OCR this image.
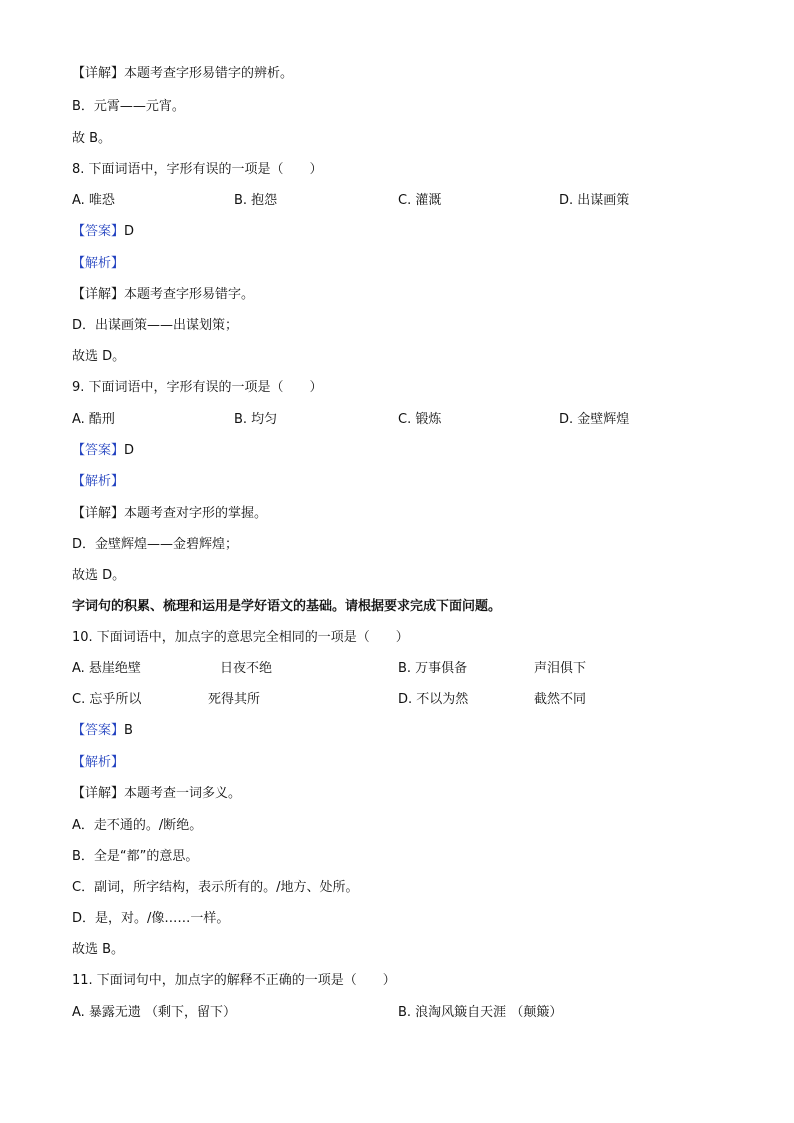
【详解】本题考查字形易错字的辨析。
B．元霄——元宵。
故 B。
8. 下面词语中，字形有误的一项是（　　）
A. 唯恐	B. 抱怨	C. 灌溉	D. 出谋画策
【答案】D
【解析】
【详解】本题考查字形易错字。
D．出谋画策——出谋划策；
故选 D。
9. 下面词语中，字形有误的一项是（　　）
A. 酷刑	B. 均匀	C. 锻炼	D. 金壁辉煌
【答案】D
【解析】
【详解】本题考查对字形的掌握。
D．金壁辉煌——金碧辉煌；
故选 D。
字词句的积累、梳理和运用是学好语文的基础。请根据要求完成下面问题。
10. 下面词语中，加点字的意思完全相同的一项是（　　）
A. 悬崖绝壁	日夜不绝	B. 万事俱备	声泪俱下
C. 忘乎所以	死得其所	D. 不以为然	截然不同
【答案】B
【解析】
【详解】本题考查一词多义。
A．走不通的。/断绝。
B．全是“都”的意思。
C．副词，所字结构，表示所有的。/地方、处所。
D．是，对。/像……一样。
故选 B。
11. 下面词句中，加点字的解释不正确的一项是（　　）
A. 暴露无遗 （剩下，留下）	B. 浪淘风簸自天涯 （颠簸）
